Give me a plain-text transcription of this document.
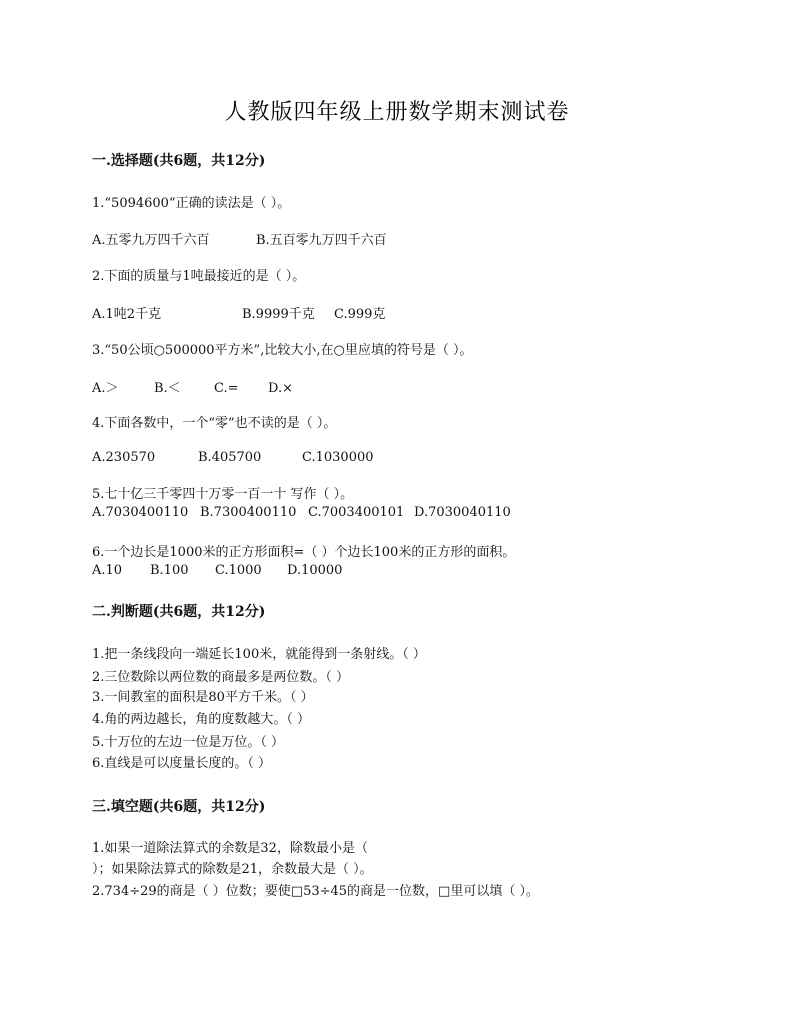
人教版四年级上册数学期末测试卷
一.选择题(共6题，共12分)
1.“5094600”正确的读法是（ ）。
A.五零九万四千六百	B.五百零九万四千六百
2.下面的质量与1吨最接近的是（ ）。
A.1吨2千克	B.9999千克 C.999克
3.“50公顷○500000平方米”,比较大小,在○里应填的符号是（ ）。
A.＞	B.＜	C.= D.×
4.下面各数中，一个“零”也不读的是（ ）。
A.230570	B.405700	C.1030000
5.七十亿三千零四十万零一百一十 写作（ ）。
A.7030400110 B.7300400110 C.7003400101 D.7030040110
6.一个边长是1000米的正方形面积=（ ）个边长100米的正方形的面积。
A.10 B.100 C.1000 D.10000
二.判断题(共6题，共12分)
1.把一条线段向一端延长100米，就能得到一条射线。（ ）
2.三位数除以两位数的商最多是两位数。（ ）
3.一间教室的面积是80平方千米。（ ）
4.角的两边越长，角的度数越大。（ ）
5.十万位的左边一位是万位。（ ）
6.直线是可以度量长度的。（ ）
三.填空题(共6题，共12分)
1.如果一道除法算式的余数是32，除数最小是（
）；如果除法算式的除数是21，余数最大是（ ）。
2.734÷29的商是（ ）位数；要使□53÷45的商是一位数，□里可以填（ ）。
